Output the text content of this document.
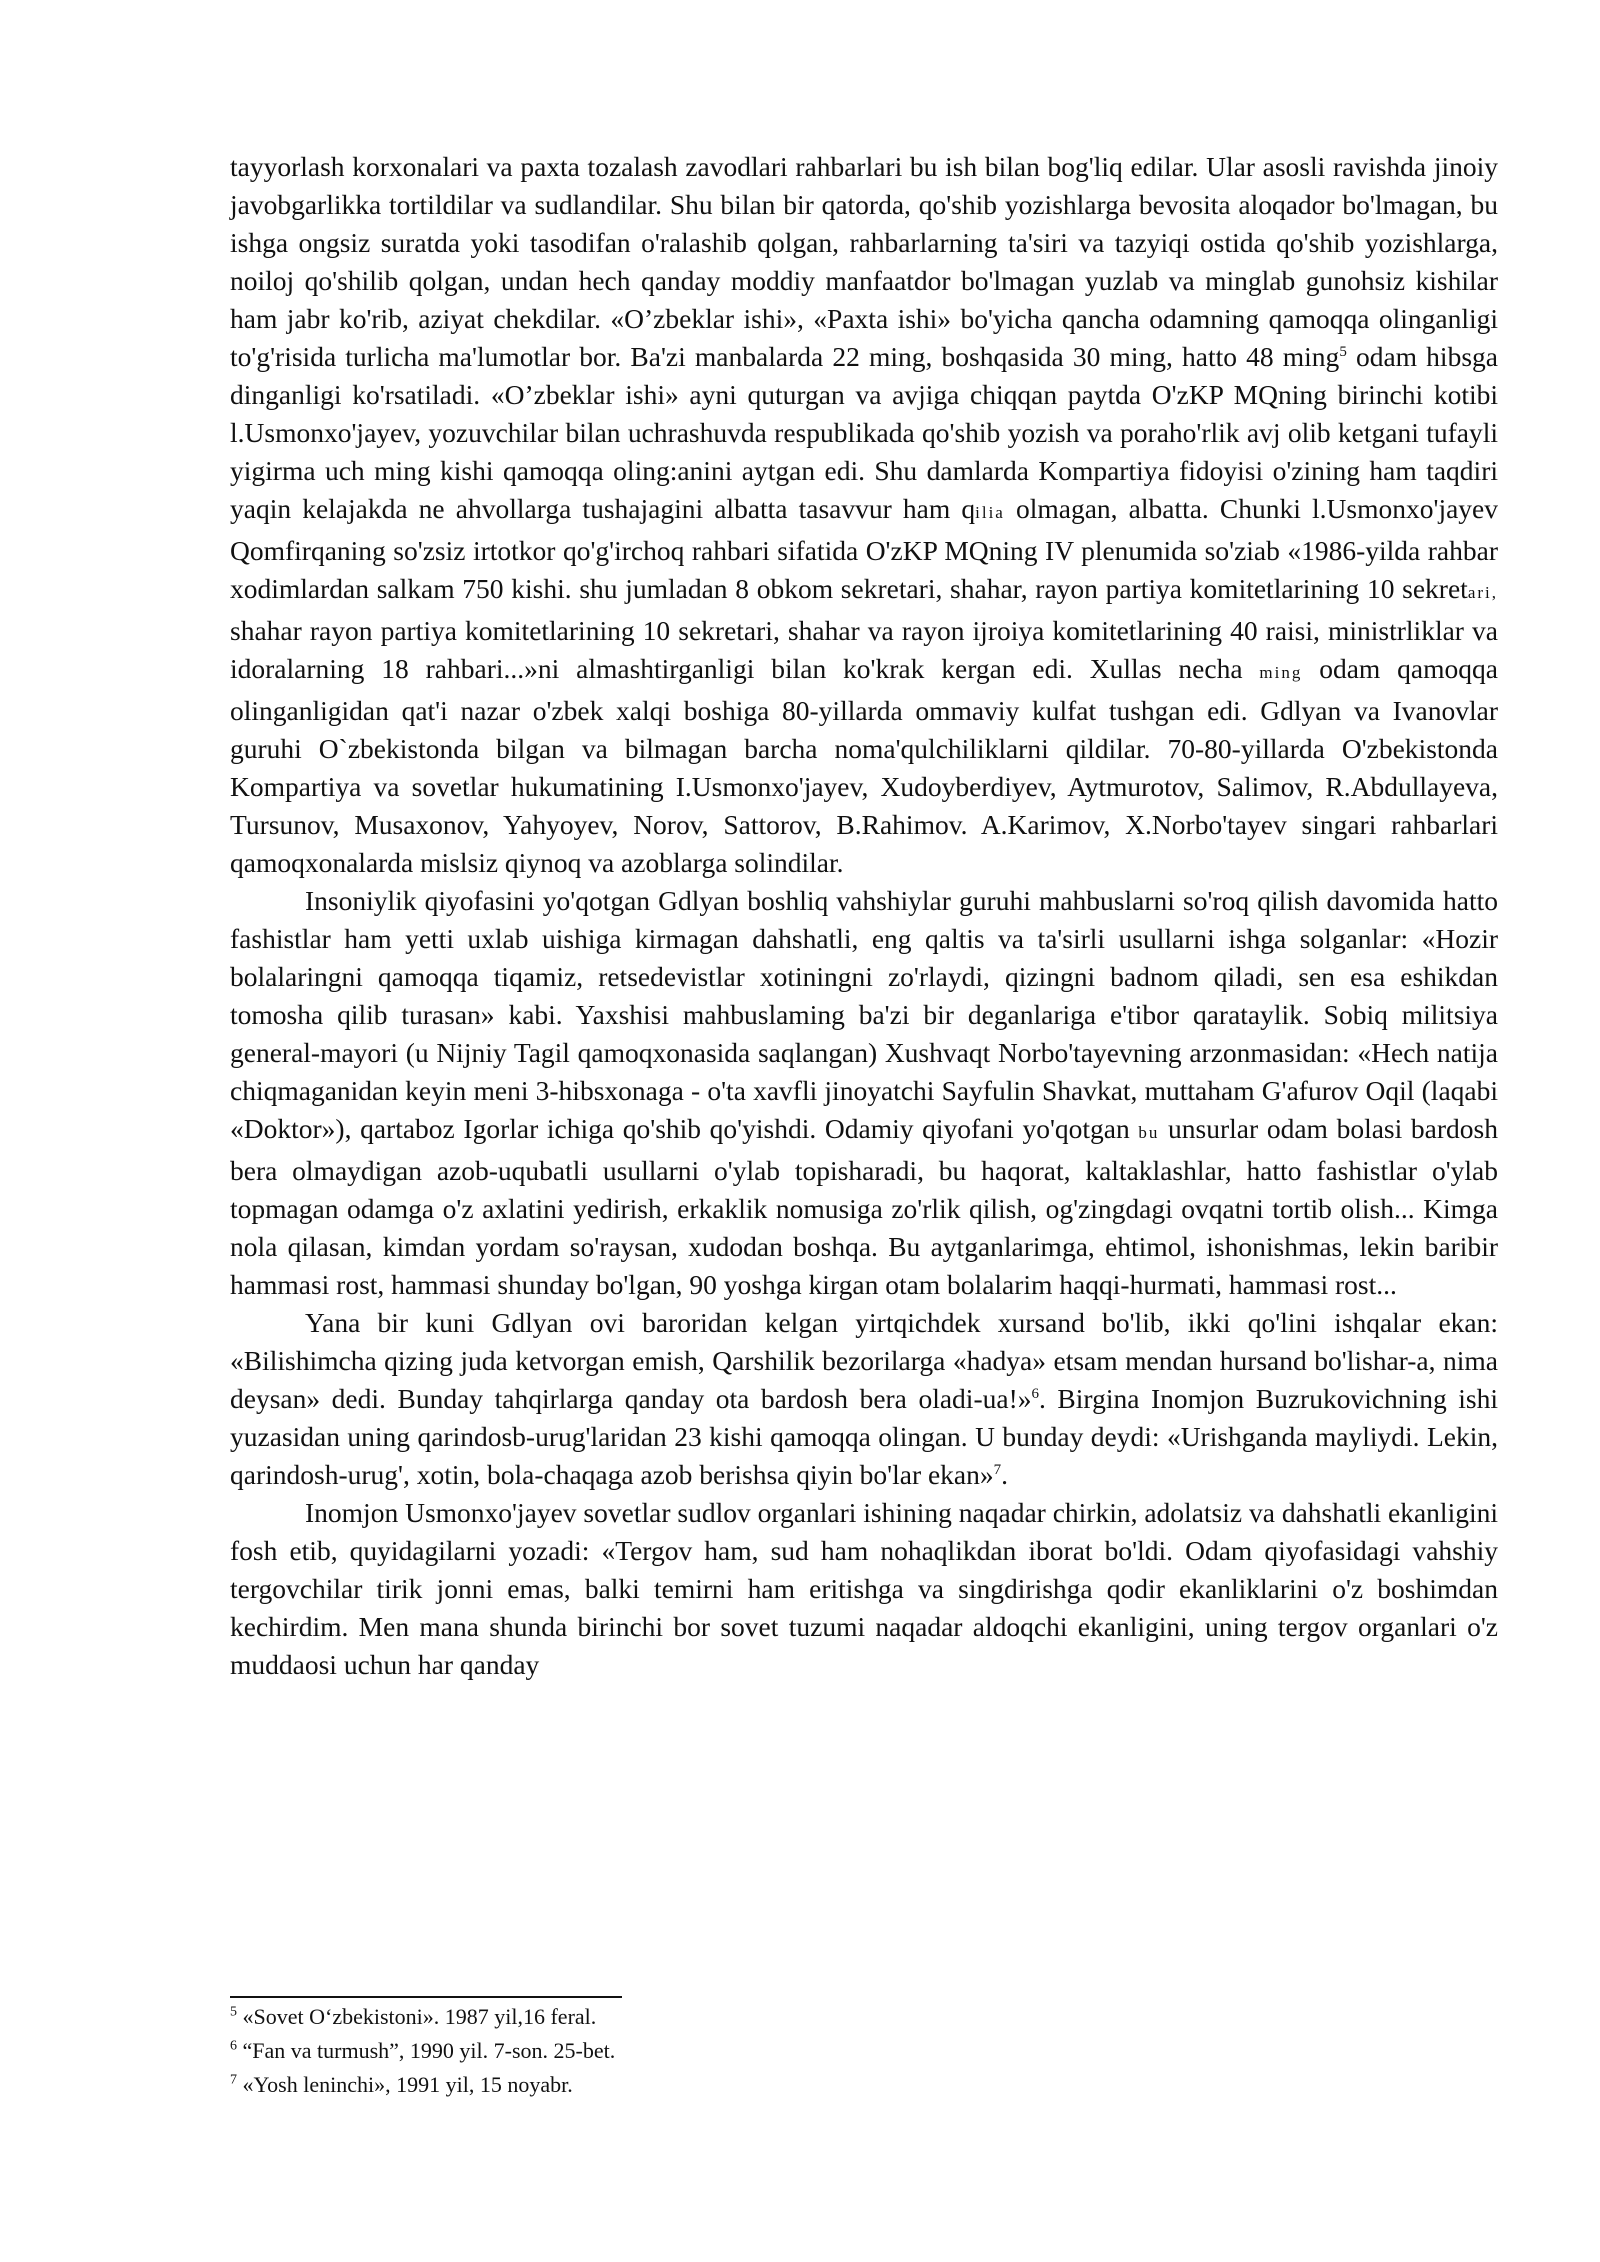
tayyorlash korxonalari va paxta tozalash zavodlari rahbarlari bu ish bilan bog'liq edilar. Ular asosli ravishda jinoiy javobgarlikka tortildilar va sudlandilar. Shu bilan bir qatorda, qo'shib yozishlarga bevosita aloqador bo'lmagan, bu ishga ongsiz suratda yoki tasodifan o'ralashib qolgan, rahbarlarning ta'siri va tazyiqi ostida qo'shib yozishlarga, noiloj qo'shilib qolgan, undan hech qanday moddiy manfaatdor bo'lmagan yuzlab va minglab gunohsiz kishilar ham jabr ko'rib, aziyat chekdilar. «O’zbeklar ishi», «Paxta ishi» bo'yicha qancha odamning qamoqqa olinganligi to'g'risida turlicha ma'lumotlar bor. Ba'zi manbalarda 22 ming, boshqasida 30 ming, hatto 48 ming$^5$ odam hibsga dinganligi ko'rsatiladi. «O’zbeklar ishi» ayni quturgan va avjiga chiqqan paytda O'zKP MQning birinchi kotibi l.Usmonxo'jayev, yozuvchilar bilan uchrashuvda respublikada qo'shib yozish va poraho'rlik avj olib ketgani tufayli yigirma uch ming kishi qamoqqa oling:anini aytgan edi. Shu damlarda Kompartiya fidoyisi o'zining ham taqdiri yaqin kelajakda ne ahvollarga tushajagini albatta tasavvur ham qilia olmagan, albatta. Chunki l.Usmonxo'jayev Qomfirqaning so'zsiz irtotkor qo'g'irchoq rahbari sifatida O'zKP MQning IV plenumida so'ziab «1986-yilda rahbar xodimlardan salkam 750 kishi. shu jumladan 8 obkom sekretari, shahar, rayon partiya komitetlarining 10 sekretari, shahar rayon partiya komitetlarining 10 sekretari, shahar va rayon ijroiya komitetlarining 40 raisi, ministrliklar va idoralarning 18 rahbari...»ni almashtirganligi bilan ko'krak kergan edi. Xullas necha ming odam qamoqqa olinganligidan qat'i nazar o'zbek xalqi boshiga 80-yillarda ommaviy kulfat tushgan edi. Gdlyan va Ivanovlar guruhi O`zbekistonda bilgan va bilmagan barcha noma'qulchiliklarni qildilar. 70-80-yillarda O'zbekistonda Kompartiya va sovetlar hukumatining I.Usmonxo'jayev, Xudoyberdiyev, Aytmurotov, Salimov, R.Abdullayeva, Tursunov, Musaxonov, Yahyoyev, Norov, Sattorov, B.Rahimov. A.Karimov, X.Norbo'tayev singari rahbarlari qamoqxonalarda mislsiz qiynoq va azoblarga solindilar.

Insoniylik qiyofasini yo'qotgan Gdlyan boshliq vahshiylar guruhi mahbuslarni so'roq qilish davomida hatto fashistlar ham yetti uxlab uishiga kirmagan dahshatli, eng qaltis va ta'sirli usullarni ishga solganlar: «Hozir bolalaringni qamoqqa tiqamiz, retsedevistlar xotiningni zo'rlaydi, qizingni badnom qiladi, sen esa eshikdan tomosha qilib turasan» kabi. Yaxshisi mahbuslaming ba'zi bir deganlariga e'tibor qarataylik. Sobiq militsiya general-mayori (u Nijniy Tagil qamoqxonasida saqlangan) Xushvaqt Norbo'tayevning arzonmasidan: «Hech natija chiqmaganidan keyin meni 3-hibsxonaga - o'ta xavfli jinoyatchi Sayfulin Shavkat, muttaham G'afurov Oqil (laqabi «Doktor»), qartaboz Igorlar ichiga qo'shib qo'yishdi. Odamiy qiyofani yo'qotgan bu unsurlar odam bolasi bardosh bera olmaydigan azob-uqubatli usullarni o'ylab topisharadi, bu haqorat, kaltaklashlar, hatto fashistlar o'ylab topmagan odamga o'z axlatini yedirish, erkaklik nomusiga zo'rlik qilish, og'zingdagi ovqatni tortib olish... Kimga nola qilasan, kimdan yordam so'raysan, xudodan boshqa. Bu aytganlarimga, ehtimol, ishonishmas, lekin baribir hammasi rost, hammasi shunday bo'lgan, 90 yoshga kirgan otam bolalarim haqqi-hurmati, hammasi rost...

Yana bir kuni Gdlyan ovi baroridan kelgan yirtqichdek xursand bo'lib, ikki qo'lini ishqalar ekan: «Bilishimcha qizing juda ketvorgan emish, Qarshilik bezorilarga «hadya» etsam mendan hursand bo'lishar-a, nima deysan» dedi. Bunday tahqirlarga qanday ota bardosh bera oladi-ua!»$^6$. Birgina Inomjon Buzrukovichning ishi yuzasidan uning qarindosb-urug'laridan 23 kishi qamoqqa olingan. U bunday deydi: «Urishganda mayliydi. Lekin, qarindosh-urug', xotin, bola-chaqaga azob berishsa qiyin bo'lar ekan»$^7$.

Inomjon Usmonxo'jayev sovetlar sudlov organlari ishining naqadar chirkin, adolatsiz va dahshatli ekanligini fosh etib, quyidagilarni yozadi: «Tergov ham, sud ham nohaqlikdan iborat bo'ldi. Odam qiyofasidagi vahshiy tergovchilar tirik jonni emas, balki temirni ham eritishga va singdirishga qodir ekanliklarini o'z boshimdan kechirdim. Men mana shunda birinchi bor sovet tuzumi naqadar aldoqchi ekanligini, uning tergov organlari o'z muddaosi uchun har qanday

$^5$ «Sovet O‘zbekistoni». 1987 yil,16 feral.

$^6$ “Fan va turmush”, 1990 yil. 7-son. 25-bet.

$^7$ «Yosh leninchi», 1991 yil, 15 noyabr.
